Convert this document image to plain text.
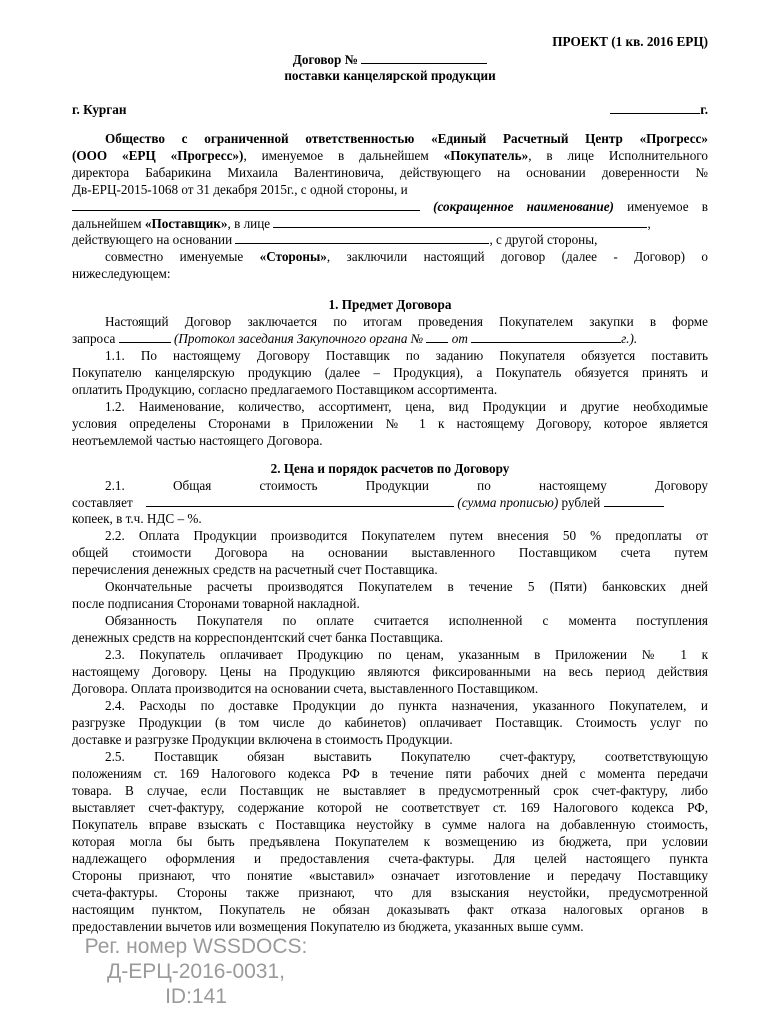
ПРОЕКТ (1 кв. 2016 ЕРЦ)
Договор №
поставки канцелярской продукции
г. Курган	г.
Общество с ограниченной ответственностью «Единый Расчетный Центр «Прогресс»
(ООО «ЕРЦ «Прогресс»), именуемое в дальнейшем «Покупатель», в лице Исполнительного
директора Бабарикина Михаила Валентиновича, действующего на основании доверенности №
Дв-ЕРЦ-2015-1068 от 31 декабря 2015г., с одной стороны, и
(сокращенное наименование) именуемое в
дальнейшем «Поставщик», в лице	,
действующего на основании	, с другой стороны,
совместно именуемые «Стороны», заключили настоящий договор (далее - Договор) о
нижеследующем:
1. Предмет Договора
Настоящий Договор заключается по итогам проведения Покупателем закупки в форме
запроса	(Протокол заседания Закупочного органа № от	г.).
1.1. По настоящему Договору Поставщик по заданию Покупателя обязуется поставить
Покупателю канцелярскую продукцию (далее – Продукция), а Покупатель обязуется принять и
оплатить Продукцию, согласно предлагаемого Поставщиком ассортимента.
1.2. Наименование, количество, ассортимент, цена, вид Продукции и другие необходимые
условия определены Сторонами в Приложении № 1 к настоящему Договору, которое является
неотъемлемой частью настоящего Договора.
2. Цена и порядок расчетов по Договору
2.1. Общая стоимость Продукции по настоящему Договору
составляет	(сумма прописью) рублей
копеек, в т.ч. НДС – %.
2.2. Оплата Продукции производится Покупателем путем внесения 50 % предоплаты от
общей стоимости Договора на основании выставленного Поставщиком счета путем
перечисления денежных средств на расчетный счет Поставщика.
Окончательные расчеты производятся Покупателем в течение 5 (Пяти) банковских дней
после подписания Сторонами товарной накладной.
Обязанность Покупателя по оплате считается исполненной с момента поступления
денежных средств на корреспондентский счет банка Поставщика.
2.3. Покупатель оплачивает Продукцию по ценам, указанным в Приложении № 1 к
настоящему Договору. Цены на Продукцию являются фиксированными на весь период действия
Договора. Оплата производится на основании счета, выставленного Поставщиком.
2.4. Расходы по доставке Продукции до пункта назначения, указанного Покупателем, и
разгрузке Продукции (в том числе до кабинетов) оплачивает Поставщик. Стоимость услуг по
доставке и разгрузке Продукции включена в стоимость Продукции.
2.5. Поставщик обязан выставить Покупателю счет-фактуру, соответствующую
положениям ст. 169 Налогового кодекса РФ в течение пяти рабочих дней с момента передачи
товара. В случае, если Поставщик не выставляет в предусмотренный срок счет-фактуру, либо
выставляет счет-фактуру, содержание которой не соответствует ст. 169 Налогового кодекса РФ,
Покупатель вправе взыскать с Поставщика неустойку в сумме налога на добавленную стоимость,
которая могла бы быть предъявлена Покупателем к возмещению из бюджета, при условии
надлежащего оформления и предоставления счета-фактуры. Для целей настоящего пункта
Стороны признают, что понятие «выставил» означает изготовление и передачу Поставщику
счета-фактуры. Стороны также признают, что для взыскания неустойки, предусмотренной
настоящим пунктом, Покупатель не обязан доказывать факт отказа налоговых органов в
предоставлении вычетов или возмещения Покупателю из бюджета, указанных выше сумм.
Рег. номер WSSDOCS:
Д-ЕРЦ-2016-0031,
ID:141
